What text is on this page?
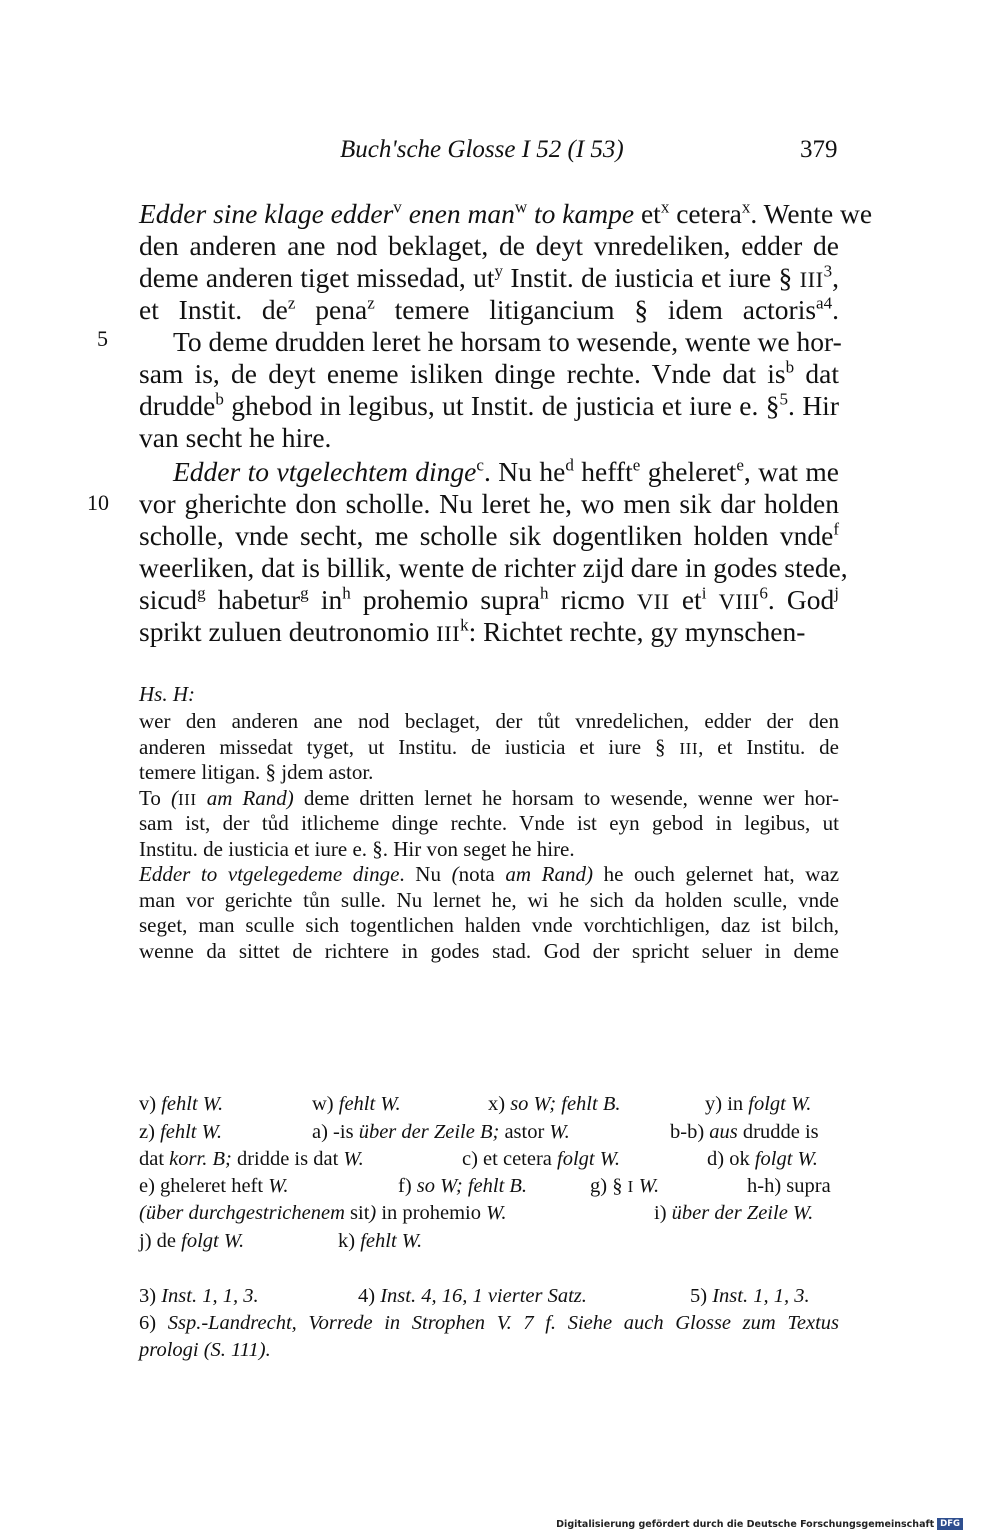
Buch'sche Glosse I 52 (I 53)	379
5
10
Edder sine klage edder$^v$ enen man$^w$ to kampe $et^x$ cetera$^x$. Wente we
den anderen ane nod beklaget, de deyt vnredeliken, edder de
deme anderen tiget missedad, $ut^y$ Instit. de iusticia et iure § III$^3$,
et Instit. $de^z$ pena$^z$ temere litigancium § idem actoris$^{a4}$.
To deme drudden leret he horsam to wesende, wente we hor-
sam is, de deyt eneme isliken dinge rechte. Vnde dat $is^b$ dat
drudde$^b$ ghebod in legibus, ut Instit. de justicia et iure e. §$^5$. Hir
van secht he hire.
Edder to vtgelechtem dinge$^c$. Nu $he^d$ hefft$^e$ gheleret$^e$, wat me
vor gherichte don scholle. Nu leret he, wo men sik dar holden
scholle, vnde secht, me scholle sik dogentliken holden vnde$^f$
weerliken, dat is billik, wente de richter zijd dare in godes stede,
sicud$^g$ habetur$^g$ $in^h$ prohemio supra$^h$ ricmo VII $et^i$ VIII$^6$. God$^j$
sprikt zuluen deutronomio III$^k$: Richtet rechte, gy mynschen-
Hs. H:
wer den anderen ane nod beclaget, der tůt vnredelichen, edder der den
anderen missedat tyget, ut Institu. de iusticia et iure § III, et Institu. de
temere litigan. § jdem astor.
To (III am Rand) deme dritten lernet he horsam to wesende, wenne wer hor-
sam ist, der tůd itlicheme dinge rechte. Vnde ist eyn gebod in legibus, ut
Institu. de iusticia et iure e. §. Hir von seget he hire.
Edder to vtgelegedeme dinge. Nu (nota am Rand) he ouch gelernet hat, waz
man vor gerichte tůn sulle. Nu lernet he, wi he sich da holden sculle, vnde
seget, man sculle sich togentlichen halden vnde vorchtichligen, daz ist bilch,
wenne da sittet de richtere in godes stad. God der spricht seluer in deme
v) fehlt W.	w) fehlt W.	x) so W; fehlt B.	y) in folgt W.
z) fehlt W.	a) -is über der Zeile B; astor W.	b-b) aus drudde is
dat korr. B; dridde is dat W.	c) et cetera folgt W.	d) ok folgt W.
e) gheleret heft W.	f) so W; fehlt B.	g) § I W.	h-h) supra
(über durchgestrichenem sit) in prohemio W.	i) über der Zeile W.
j) de folgt W.	k) fehlt W.
3) Inst. 1, 1, 3.	4) Inst. 4, 16, 1 vierter Satz.	5) Inst. 1, 1, 3.
6) Ssp.-Landrecht, Vorrede in Strophen V. 7 f. Siehe auch Glosse zum Textus
prologi (S. 111).
Digitalisierung gefördert durch die Deutsche Forschungsgemeinschaft DFG
